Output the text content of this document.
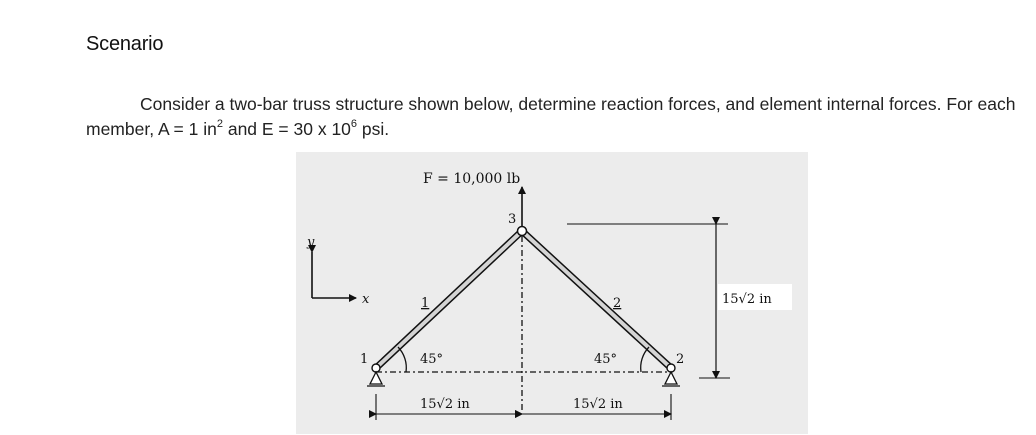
Scenario
Consider a two-bar truss structure shown below, determine reaction forces, and element internal forces. For each member, A = 1 $in^2$ and E = 30 x $10^6$ psi.
y
x
F = 10,000 lb
3
1	2
1	2
45°	45°
15√2 in
15√2 in	15√2 in
